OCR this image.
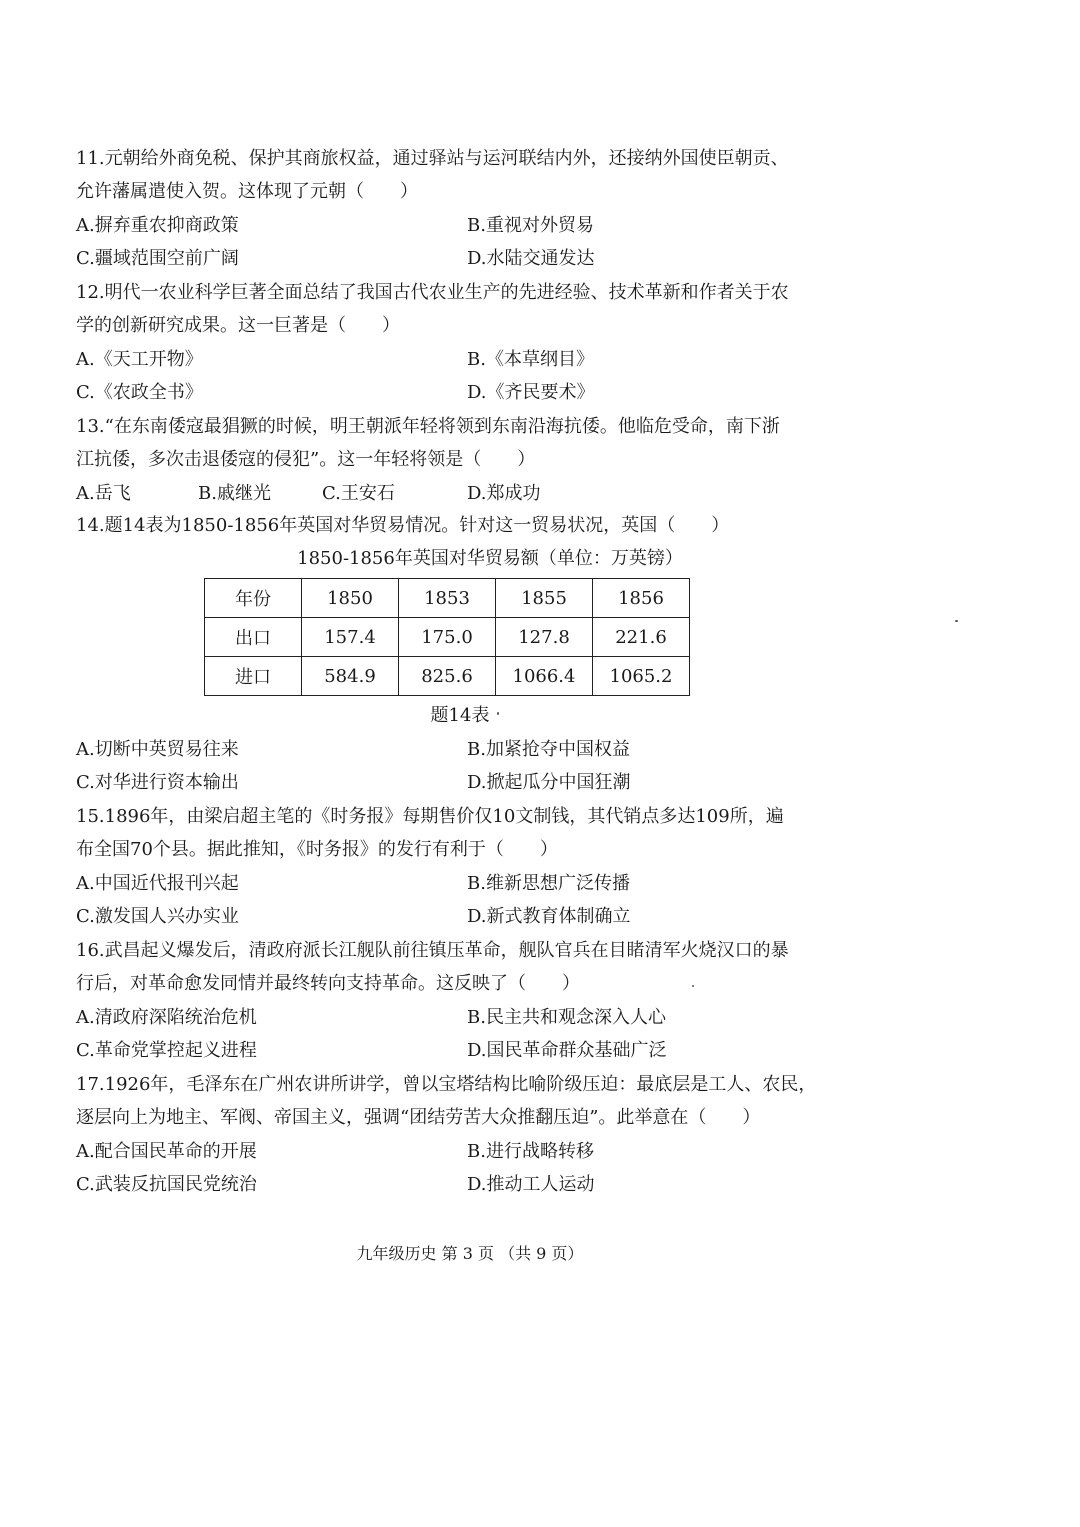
11.元朝给外商免税、保护其商旅权益，通过驿站与运河联结内外，还接纳外国使臣朝贡、
允许藩属遣使入贺。这体现了元朝（　　）
A.摒弃重农抑商政策	B.重视对外贸易
C.疆域范围空前广阔	D.水陆交通发达
12.明代一农业科学巨著全面总结了我国古代农业生产的先进经验、技术革新和作者关于农
学的创新研究成果。这一巨著是（　　）
A.《天工开物》	B.《本草纲目》
C.《农政全书》	D.《齐民要术》
13.“在东南倭寇最猖獗的时候，明王朝派年轻将领到东南沿海抗倭。他临危受命，南下浙
江抗倭，多次击退倭寇的侵犯”。这一年轻将领是（　　）
A.岳飞	B.戚继光	C.王安石	D.郑成功
14.题14表为1850-1856年英国对华贸易情况。针对这一贸易状况，英国（　　）
1850-1856年英国对华贸易额（单位：万英镑）
年份	1850	1853	1855	1856
出口	157.4	175.0	127.8	221.6
进口	584.9	825.6	1066.4	1065.2
题14表
A.切断中英贸易往来	B.加紧抢夺中国权益
C.对华进行资本输出	D.掀起瓜分中国狂潮
15.1896年，由梁启超主笔的《时务报》每期售价仅10文制钱，其代销点多达109所，遍
布全国70个县。据此推知，《时务报》的发行有利于（　　）
A.中国近代报刊兴起	B.维新思想广泛传播
C.激发国人兴办实业	D.新式教育体制确立
16.武昌起义爆发后，清政府派长江舰队前往镇压革命，舰队官兵在目睹清军火烧汉口的暴
行后，对革命愈发同情并最终转向支持革命。这反映了（　　）
A.清政府深陷统治危机	B.民主共和观念深入人心
C.革命党掌控起义进程	D.国民革命群众基础广泛
17.1926年，毛泽东在广州农讲所讲学，曾以宝塔结构比喻阶级压迫：最底层是工人、农民，
逐层向上为地主、军阀、帝国主义，强调“团结劳苦大众推翻压迫”。此举意在（　　）
A.配合国民革命的开展	B.进行战略转移
C.武装反抗国民党统治	D.推动工人运动
九年级历史 第 3 页 （共 9 页）
